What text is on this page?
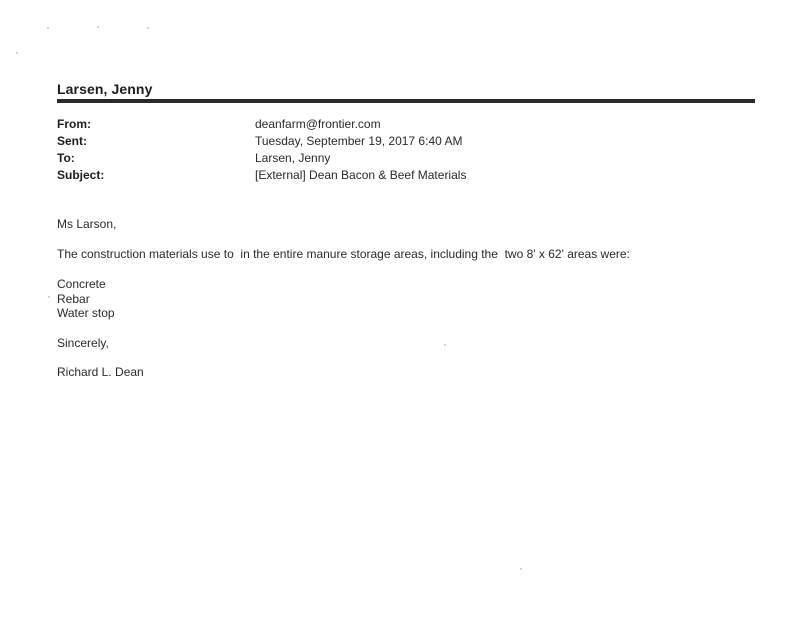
Larsen, Jenny
From:	deanfarm@frontier.com
Sent:	Tuesday, September 19, 2017 6:40 AM
To:	Larsen, Jenny
Subject:	[External] Dean Bacon & Beef Materials
Ms Larson,
The construction materials use to  in the entire manure storage areas, including the  two 8' x 62' areas were:
Concrete
Rebar
Water stop
Sincerely,
Richard L. Dean
